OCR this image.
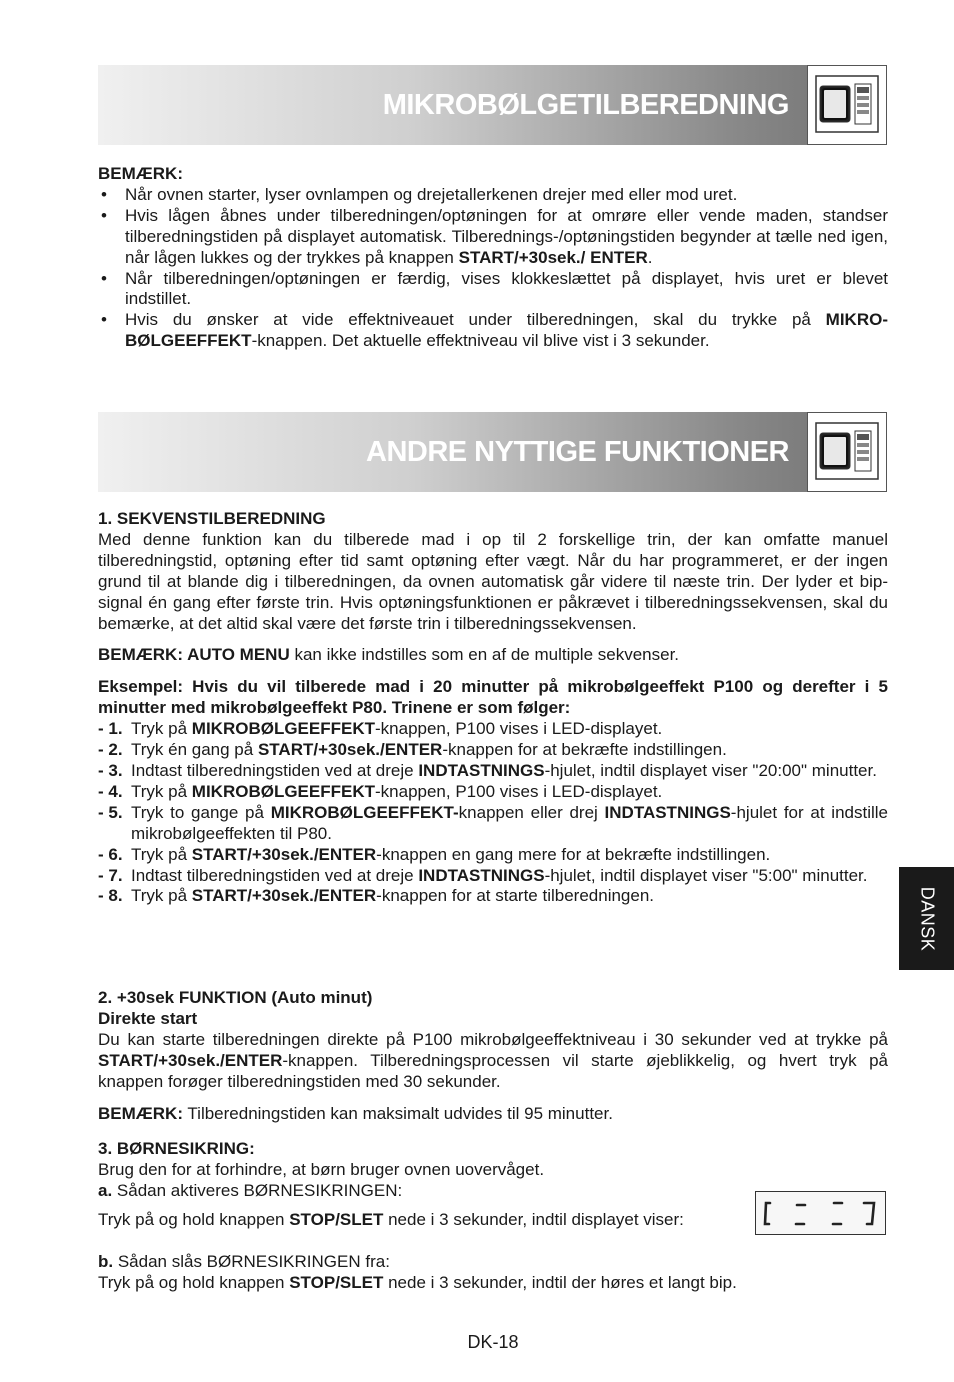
MIKROBØLGETILBEREDNING

BEMÆRK:

• Når ovnen starter, lyser ovnlampen og drejetallerkenen drejer med eller mod uret.
• Hvis lågen åbnes under tilberedningen/optøningen for at omrøre eller vende maden, standser tilberedningstiden på displayet automatisk. Tilberednings-/optøningstiden begynder at tælle ned igen, når lågen lukkes og der trykkes på knappen START/+30sek./ ENTER.
• Når tilberedningen/optøningen er færdig, vises klokkeslættet på displayet, hvis uret er blevet indstillet.
• Hvis du ønsker at vide effektniveauet under tilberedningen, skal du trykke på MIKRO-BØLGEEFFEKT-knappen. Det aktuelle effektniveau vil blive vist i 3 sekunder.
ANDRE NYTTIGE FUNKTIONER

1. SEKVENSTILBEREDNING

Med denne funktion kan du tilberede mad i op til 2 forskellige trin, der kan omfatte manuel tilberedningstid, optøning efter tid samt optøning efter vægt. Når du har programmeret, er der ingen grund til at blande dig i tilberedningen, da ovnen automatisk går videre til næste trin. Der lyder et bip-signal én gang efter første trin. Hvis optøningsfunktionen er påkrævet i tilberedningssekvensen, skal du bemærke, at det altid skal være det første trin i tilberedningssekvensen.

BEMÆRK: AUTO MENU kan ikke indstilles som en af de multiple sekvenser.

Eksempel: Hvis du vil tilberede mad i 20 minutter på mikrobølgeeffekt P100 og derefter i 5 minutter med mikrobølgeeffekt P80. Trinene er som følger:

- 1. Tryk på MIKROBØLGEEFFEKT-knappen, P100 vises i LED-displayet.
- 2. Tryk én gang på START/+30sek./ENTER-knappen for at bekræfte indstillingen.
- 3. Indtast tilberedningstiden ved at dreje INDTASTNINGS-hjulet, indtil displayet viser "20:00" minutter.
- 4. Tryk på MIKROBØLGEEFFEKT-knappen, P100 vises i LED-displayet.
- 5. Tryk to gange på MIKROBØLGEEFFEKT-knappen eller drej INDTASTNINGS-hjulet for at indstille mikrobølgeeffekten til P80.
- 6. Tryk på START/+30sek./ENTER-knappen en gang mere for at bekræfte indstillingen.
- 7. Indtast tilberedningstiden ved at dreje INDTASTNINGS-hjulet, indtil displayet viser "5:00" minutter.
- 8. Tryk på START/+30sek./ENTER-knappen for at starte tilberedningen.

2. +30sek FUNKTION (Auto minut)

Direkte start

Du kan starte tilberedningen direkte på P100 mikrobølgeeffektniveau i 30 sekunder ved at trykke på START/+30sek./ENTER-knappen. Tilberedningsprocessen vil starte øjeblikkelig, og hvert tryk på knappen forøger tilberedningstiden med 30 sekunder.

BEMÆRK: Tilberedningstiden kan maksimalt udvides til 95 minutter.

3. BØRNESIKRING:

Brug den for at forhindre, at børn bruger ovnen uovervåget.

a. Sådan aktiveres BØRNESIKRINGEN:

Tryk på og hold knappen STOP/SLET nede i 3 sekunder, indtil displayet viser:

b. Sådan slås BØRNESIKRINGEN fra:

Tryk på og hold knappen STOP/SLET nede i 3 sekunder, indtil der høres et langt bip.

DANSK
DK-18
